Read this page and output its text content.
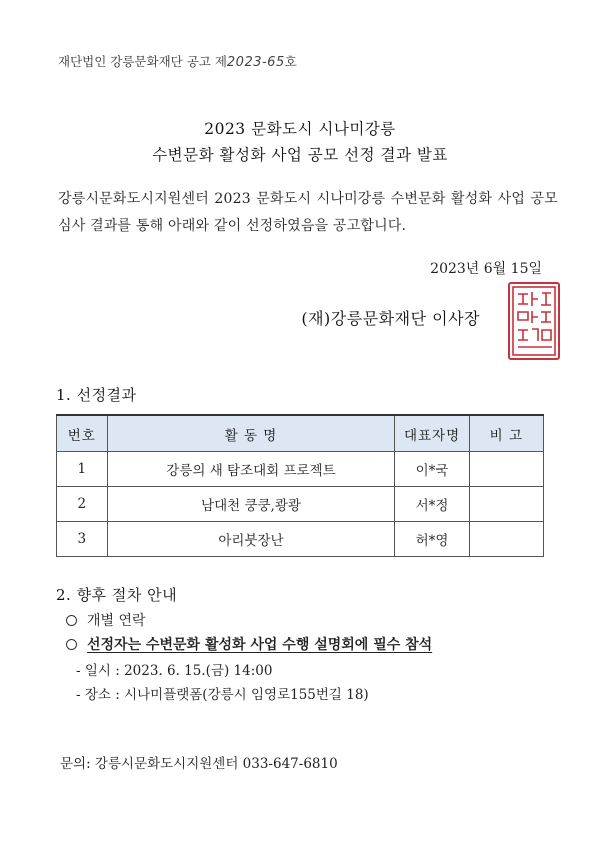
재단법인 강릉문화재단 공고 제2023-65호
2023 문화도시 시나미강릉
수변문화 활성화 사업 공모 선정 결과 발표
강릉시문화도시지원센터 2023 문화도시 시나미강릉 수변문화 활성화 사업 공모 심사 결과를 통해 아래와 같이 선정하였음을 공고합니다.
2023년 6월 15일
(재)강릉문화재단 이사장
1. 선정결과
번호	활 동 명	대표자명	비 고
1	강릉의 새 탐조대회 프로젝트	이*국	
2	남대천 쿵쿵,쾅쾅	서*정	
3	아리붓장난	허*영	
2. 향후 절차 안내
개별 연락
선정자는 수변문화 활성화 사업 수행 설명회에 필수 참석
- 일시 : 2023. 6. 15.(금) 14:00
- 장소 : 시나미플랫폼(강릉시 임영로155번길 18)
문의: 강릉시문화도시지원센터 033-647-6810
